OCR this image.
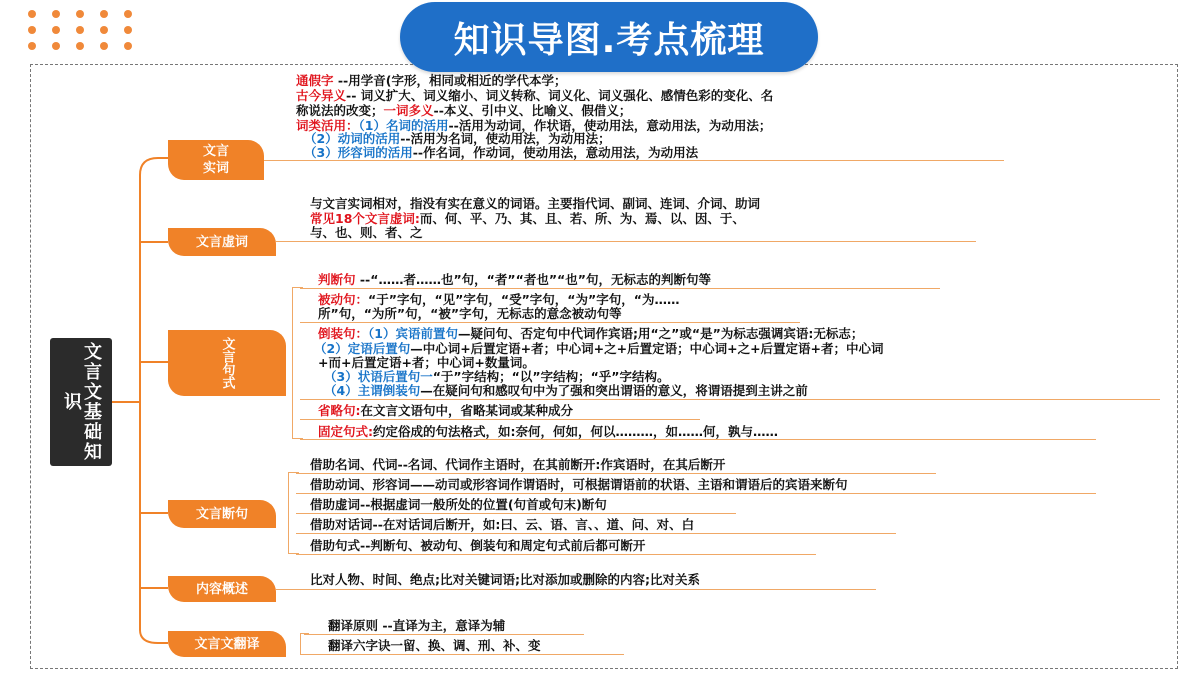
知识导图.考点梳理
文言文基础知识
文言实词
通假字 --用学音(字形，相同或相近的学代本学；
古今异义-- 词义扩大、词义缩小、词义转称、词义化、词义强化、感情色彩的变化、名
称说法的改变；一词多义--本义、引中义、比喻义、假借义；
词类活用：（1）名词的活用--活用为动词，作状语，使动用法，意动用法，为动用法；
（2）动词的活用--活用为名词，使动用法，为动用法；
（3）形容词的活用--作名词，作动词，使动用法，意动用法，为动用法
文言虚词
与文言实词相对，指没有实在意义的词语。主要指代词、副词、连词、介词、助词
常见18个文言虚词:而、何、平、乃、其、且、若、所、为、焉、以、因、于、
与、也、则、者、之
文言句式
判断句 --“……者……也”句，“者”“者也”“也”句，无标志的判断句等
被动句：“于”字句，“见”字句，“受”字句，“为”字句，“为……
所”句，“为所”句，“被”字句，无标志的意念被动句等
倒装句：（1）宾语前置句—疑问句、否定句中代词作宾语;用“之”或“是”为标志强调宾语:无标志；
（2）定语后置句—中心词+后置定语+者；中心词+之+后置定语；中心词+之+后置定语+者；中心词
+而+后置定语+者；中心词+数量词。
（3）状语后置句一“于”字结构；“以”字结构；“乎”字结构。
（4）主谓倒装句—在疑问句和感叹句中为了强和突出谓语的意义，将谓语提到主讲之前
省略句:在文言文语句中，省略某词或某种成分
固定句式:约定俗成的句法格式，如:奈何，何如，何以………，如……何，孰与……
文言断句
借助名词、代词--名词、代词作主语时，在其前断开:作宾语时，在其后断开
借助动词、形容词——动司或形容词作谓语时，可根据谓语前的状语、主语和谓语后的宾语来断句
借助虚词--根据虚词一般所处的位置(句首或句末)断句
借助对话词--在对话词后断开，如:曰、云、语、言、、道、问、对、白
借助句式--判断句、被动句、倒装句和周定句式前后都可断开
内容概述
比对人物、时间、绝点;比对关键词语;比对添加或删除的内容;比对关系
文言文翻译
翻译原则 --直译为主，意译为辅
翻译六字诀一留、换、调、刑、补、变
